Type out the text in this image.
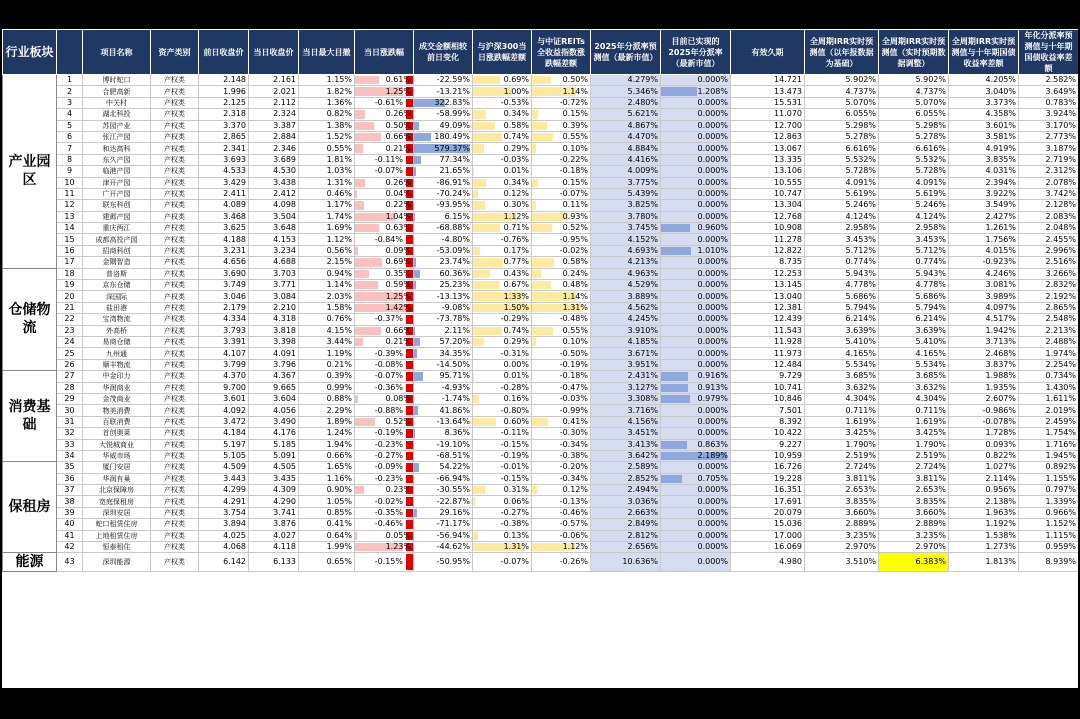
行业板块		项目名称	资产类别	前日收盘价	当日收盘价	当日最大目撤	当日涨跌幅	成交金额相较前日变化	与沪深300当日涨跌幅差额	与中证REITs全收益指数涨跌幅差额	2025年分派率预测值（最新市值）	目前已实现的2025年分派率（最新市值）	有效久期	全周期IRR实时预测值（以年报数据为基础）	全周期IRR实时预测值（实时预期数据调整）	全周期IRR实时预测值与十年期国债收益率差额	年化分派率预测值与十年期国债收益率差额
产业园区	1	博时蛇口	产权类	2.148	2.161	1.15%	0.61%	-22.59%	0.69%	0.50%	4.279%	0.000%	14.721	5.902%	5.902%	4.205%	2.582%
	2	合肥高新	产权类	1.996	2.021	1.82%	1.25%	-13.21%	1.00%	1.14%	5.346%	1.208%	13.473	4.737%	4.737%	3.040%	3.649%
	3	中关村	产权类	2.125	2.112	1.36%	-0.61%	322.83%	-0.53%	-0.72%	2.480%	0.000%	15.531	5.070%	5.070%	3.373%	0.783%
	4	湖北科投	产权类	2.318	2.324	0.82%	0.26%	-58.99%	0.34%	0.15%	5.621%	0.000%	11.070	6.055%	6.055%	4.358%	3.924%
	5	苏园产业	产权类	3.370	3.387	1.38%	0.50%	49.09%	0.58%	0.39%	4.867%	0.000%	12.700	5.298%	5.298%	3.601%	3.170%
	6	张江产园	产权类	2.865	2.884	1.52%	0.66%	180.49%	0.74%	0.55%	4.470%	0.000%	12.863	5.278%	5.278%	3.581%	2.773%
	7	和达高科	产权类	2.341	2.346	0.55%	0.21%	579.37%	0.29%	0.10%	4.884%	0.000%	13.067	6.616%	6.616%	4.919%	3.187%
	8	东久产园	产权类	3.693	3.689	1.81%	-0.11%	77.34%	-0.03%	-0.22%	4.416%	0.000%	13.335	5.532%	5.532%	3.835%	2.719%
	9	临港产园	产权类	4.533	4.530	1.03%	-0.07%	21.65%	0.01%	-0.18%	4.009%	0.000%	13.106	5.728%	5.728%	4.031%	2.312%
	10	津开产园	产权类	3.429	3.438	1.31%	0.26%	-86.91%	0.34%	0.15%	3.775%	0.000%	10.555	4.091%	4.091%	2.394%	2.078%
	11	广开产园	产权类	2.411	2.412	0.46%	0.04%	-70.24%	0.12%	-0.07%	5.439%	0.000%	10.747	5.619%	5.619%	3.922%	3.742%
	12	联东科创	产权类	4.089	4.098	1.17%	0.22%	-93.95%	0.30%	0.11%	3.825%	0.000%	13.304	5.246%	5.246%	3.549%	2.128%
	13	建邺产园	产权类	3.468	3.504	1.74%	1.04%	6.15%	1.12%	0.93%	3.780%	0.000%	12.768	4.124%	4.124%	2.427%	2.083%
	14	重庆两江	产权类	3.625	3.648	1.69%	0.63%	-68.88%	0.71%	0.52%	3.745%	0.960%	10.908	2.958%	2.958%	1.261%	2.048%
	15	成都高投产园	产权类	4.188	4.153	1.12%	-0.84%	-4.80%	-0.76%	-0.95%	4.152%	0.000%	11.278	3.453%	3.453%	1.756%	2.455%
	16	招商科创	产权类	3.231	3.234	0.56%	0.09%	-53.09%	0.17%	-0.02%	4.693%	1.010%	12.822	5.712%	5.712%	4.015%	2.996%
	17	金隅智造	产权类	4.656	4.688	2.15%	0.69%	23.74%	0.77%	0.58%	4.213%	0.000%	8.735	0.774%	0.774%	-0.923%	2.516%
仓储物流	18	普洛斯	产权类	3.690	3.703	0.94%	0.35%	60.36%	0.43%	0.24%	4.963%	0.000%	12.253	5.943%	5.943%	4.246%	3.266%
	19	京东仓储	产权类	3.749	3.771	1.14%	0.59%	25.23%	0.67%	0.48%	4.529%	0.000%	13.145	4.778%	4.778%	3.081%	2.832%
	20	深国际	产权类	3.046	3.084	2.03%	1.25%	-13.13%	1.33%	1.14%	3.889%	0.000%	13.040	5.686%	5.686%	3.989%	2.192%
	21	盐田港	产权类	2.179	2.210	1.58%	1.42%	-9.08%	1.50%	1.31%	4.562%	0.000%	12.381	5.794%	5.794%	4.097%	2.865%
	22	宝湾物流	产权类	4.334	4.318	0.76%	-0.37%	-73.78%	-0.29%	-0.48%	4.245%	0.000%	12.439	6.214%	6.214%	4.517%	2.548%
	23	外高桥	产权类	3.793	3.818	4.15%	0.66%	2.11%	0.74%	0.55%	3.910%	0.000%	11.543	3.639%	3.639%	1.942%	2.213%
	24	易商仓储	产权类	3.391	3.398	3.44%	0.21%	57.20%	0.29%	0.10%	4.185%	0.000%	11.928	5.410%	5.410%	3.713%	2.488%
	25	九州通	产权类	4.107	4.091	1.19%	-0.39%	34.35%	-0.31%	-0.50%	3.671%	0.000%	11.973	4.165%	4.165%	2.468%	1.974%
	26	顺丰物流	产权类	3.799	3.796	0.21%	-0.08%	-14.50%	0.00%	-0.19%	3.951%	0.000%	12.484	5.534%	5.534%	3.837%	2.254%
消费基础	27	中金印力	产权类	4.370	4.367	0.39%	-0.07%	95.71%	0.01%	-0.18%	2.431%	0.916%	9.729	3.685%	3.685%	1.988%	0.734%
	28	华润商业	产权类	9.700	9.665	0.99%	-0.36%	-4.93%	-0.28%	-0.47%	3.127%	0.913%	10.741	3.632%	3.632%	1.935%	1.430%
	29	金茂商业	产权类	3.601	3.604	0.88%	0.08%	-1.74%	0.16%	-0.03%	3.308%	0.979%	10.846	4.304%	4.304%	2.607%	1.611%
	30	物美消费	产权类	4.092	4.056	2.29%	-0.88%	41.86%	-0.80%	-0.99%	3.716%	0.000%	7.501	0.711%	0.711%	-0.986%	2.019%
	31	百联消费	产权类	3.472	3.490	1.89%	0.52%	-13.64%	0.60%	0.41%	4.156%	0.000%	8.392	1.619%	1.619%	-0.078%	2.459%
	32	首创奥莱	产权类	4.184	4.176	1.24%	-0.19%	8.36%	-0.11%	-0.30%	3.451%	0.000%	10.422	3.425%	3.425%	1.728%	1.754%
	33	大悦城商业	产权类	5.197	5.185	1.94%	-0.23%	-19.10%	-0.15%	-0.34%	3.413%	0.863%	9.227	1.790%	1.790%	0.093%	1.716%
	34	华威市场	产权类	5.105	5.091	0.66%	-0.27%	-68.51%	-0.19%	-0.38%	3.642%	2.189%	10.959	2.519%	2.519%	0.822%	1.945%
保租房	35	厦门安居	产权类	4.509	4.505	1.65%	-0.09%	54.22%	-0.01%	-0.20%	2.589%	0.000%	16.726	2.724%	2.724%	1.027%	0.892%
	36	华润有巢	产权类	3.443	3.435	1.16%	-0.23%	-66.94%	-0.15%	-0.34%	2.852%	0.705%	19.228	3.811%	3.811%	2.114%	1.155%
	37	北京保障房	产权类	4.299	4.309	0.90%	0.23%	-30.55%	0.31%	0.12%	2.494%	0.000%	16.351	2.653%	2.653%	0.956%	0.797%
	38	宽庭保租房	产权类	4.291	4.290	1.05%	-0.02%	-22.87%	0.06%	-0.13%	3.036%	0.000%	17.691	3.835%	3.835%	2.138%	1.339%
	39	深圳安居	产权类	3.754	3.741	0.85%	-0.35%	29.16%	-0.27%	-0.46%	2.663%	0.000%	20.079	3.660%	3.660%	1.963%	0.966%
	40	蛇口租赁住房	产权类	3.894	3.876	0.41%	-0.46%	-71.17%	-0.38%	-0.57%	2.849%	0.000%	15.036	2.889%	2.889%	1.192%	1.152%
	41	上地租赁住房	产权类	4.025	4.027	0.64%	0.05%	-56.94%	0.13%	-0.06%	2.812%	0.000%	17.000	3.235%	3.235%	1.538%	1.115%
	42	恒泰租住	产权类	4.068	4.118	1.99%	1.23%	-44.62%	1.31%	1.12%	2.656%	0.000%	16.069	2.970%	2.970%	1.273%	0.959%
能源	43	深圳能源	产权类	6.142	6.133	0.65%	-0.15%	-50.95%	-0.07%	-0.26%	10.636%	0.000%	4.980	3.510%	6.383%	1.813%	8.939%
